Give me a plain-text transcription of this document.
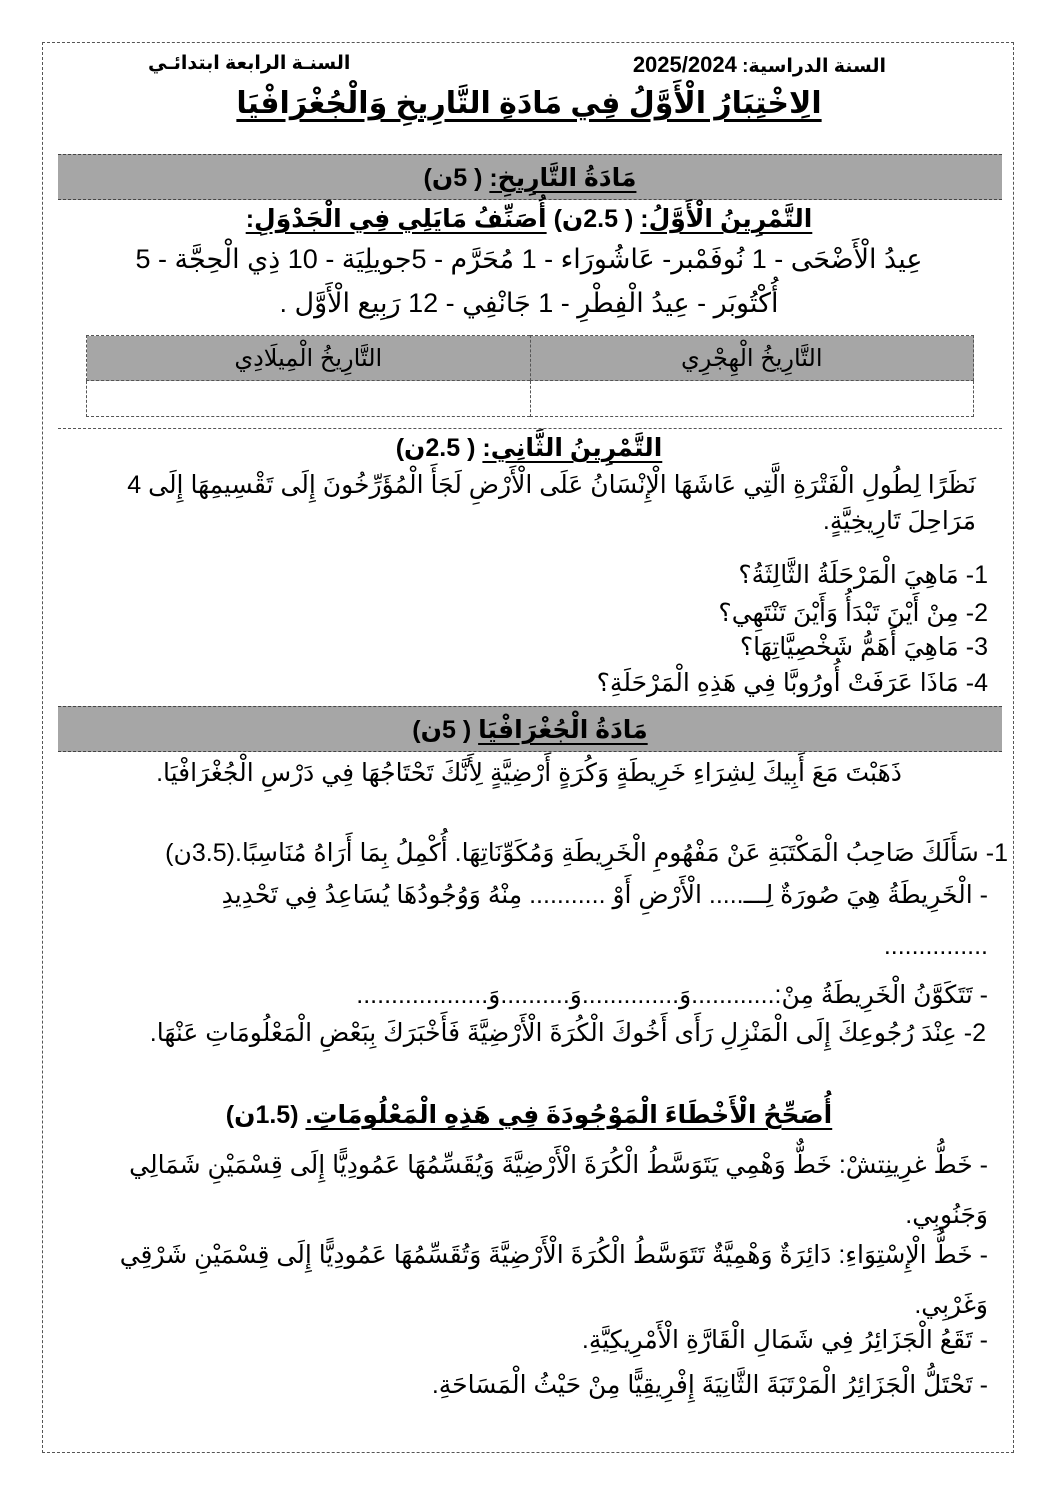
السنة الدراسية: 2025/2024
السنـة الرابعة ابتدائـي
الِاخْتِبَارُ الْأَوَّلُ فِي مَادَةِ التَّارِيخِ وَالْجُغْرَافْيَا
مَادَةُ التَّارِيخِ: ( 5ن)
التَّمْرِينُ الْأَوَّلُ: ( 2.5ن) أُصَنِّفُ مَايَلِي فِي الْجَدْوَلِ:
عِيدُ الْأَضْحَى - 1 نُوفَمْبر- عَاشُورَاء - 1 مُحَرَّم - 5جويلِيَة - 10 ذِي الْحِجَّة - 5
أُكْتُوبَر - عِيدُ الْفِطْرِ - 1 جَانْفِي - 12 رَبِيع الْأَوَّل .
التَّارِيخُ الْهِجْرِي	التَّارِيخُ الْمِيلَادِي

التَّمْرِينُ الثَّانِي: ( 2.5ن)
نَظَرًا لِطُولِ الْفَتْرَةِ الَّتِي عَاشَهَا الْإِنْسَانُ عَلَى الْأَرْضِ لَجَأَ الْمُؤَرِّخُونَ إِلَى تَقْسِيمِهَا إِلَى 4
مَرَاحِلَ تَارِيخِيَّةٍ.
1- مَاهِيَ الْمَرْحَلَةُ الثَّالِثَةُ؟
2- مِنْ أَيْنَ تَبْدَأُ وَأَيْنَ تَنْتَهِي؟
3- مَاهِيَ أَهَمُّ شَخْصِيَّاتِهَا؟
4- مَاذَا عَرَفَتْ أُورُوبَّا فِي هَذِهِ الْمَرْحَلَةِ؟
مَادَةُ الْجُغْرَافْيَا ( 5ن)
ذَهَبْتَ مَعَ أَبِيكَ لِشِرَاءِ خَرِيطَةٍ وَكُرَةٍ أَرْضِيَّةٍ لِأَنَّكَ تَحْتَاجُهَا فِي دَرْسِ الْجُغْرَافْيَا.
1- سَأَلَكَ صَاحِبُ الْمَكْتَبَةِ عَنْ مَفْهُومِ الْخَرِيطَةِ وَمُكَوِّنَاتِهَا. أُكْمِلُ بِمَا أَرَاهُ مُنَاسِبًا.(3.5ن)
- الْخَرِيطَةُ هِيَ صُورَةٌ لِـــ..... الْأَرْضِ أَوْ ........... مِنْهُ وَوُجُودُهَا يُسَاعِدُ فِي تَحْدِيدِ
...............
- تَتَكَوَّنُ الْخَرِيطَةُ مِنْ:............وَ..............وَ..........وَ...................
2- عِنْدَ رُجُوعِكَ إِلَى الْمَنْزِلِ رَأَى أَخُوكَ الْكُرَةَ الْأَرْضِيَّةَ فَأَخْبَرَكَ بِبَعْضِ الْمَعْلُومَاتِ عَنْهَا.
أُصَحِّحُ الْأَخْطَاءَ الْمَوْجُودَةَ فِي هَذِهِ الْمَعْلُومَاتِ. (1.5ن)
- خَطُّ غرِينِتشْ: خَطٌّ وَهْمِي يَتَوَسَّطُ الْكُرَةَ الْأَرْضِيَّةَ وَيُقَسِّمُهَا عَمُودِيًّا إِلَى قِسْمَيْنِ شَمَالِي
وَجَنُوبِي.
- خَطُّ الْإِسْتِوَاءِ: دَائِرَةٌ وَهْمِيَّةٌ تَتَوَسَّطُ الْكُرَةَ الْأَرْضِيَّةَ وَتُقَسِّمُهَا عَمُودِيًّا إِلَى قِسْمَيْنِ شَرْقِي
وَغَرْبِي.
- تَقَعُ الْجَزَائِرُ فِي شَمَالِ الْقَارَّةِ الْأَمْرِيكِيَّةِ.
- تَحْتَلُّ الْجَزَائِرُ الْمَرْتَبَةَ الثَّانِيَةَ إِفْرِيقِيًّا مِنْ حَيْثُ الْمَسَاحَةِ.
